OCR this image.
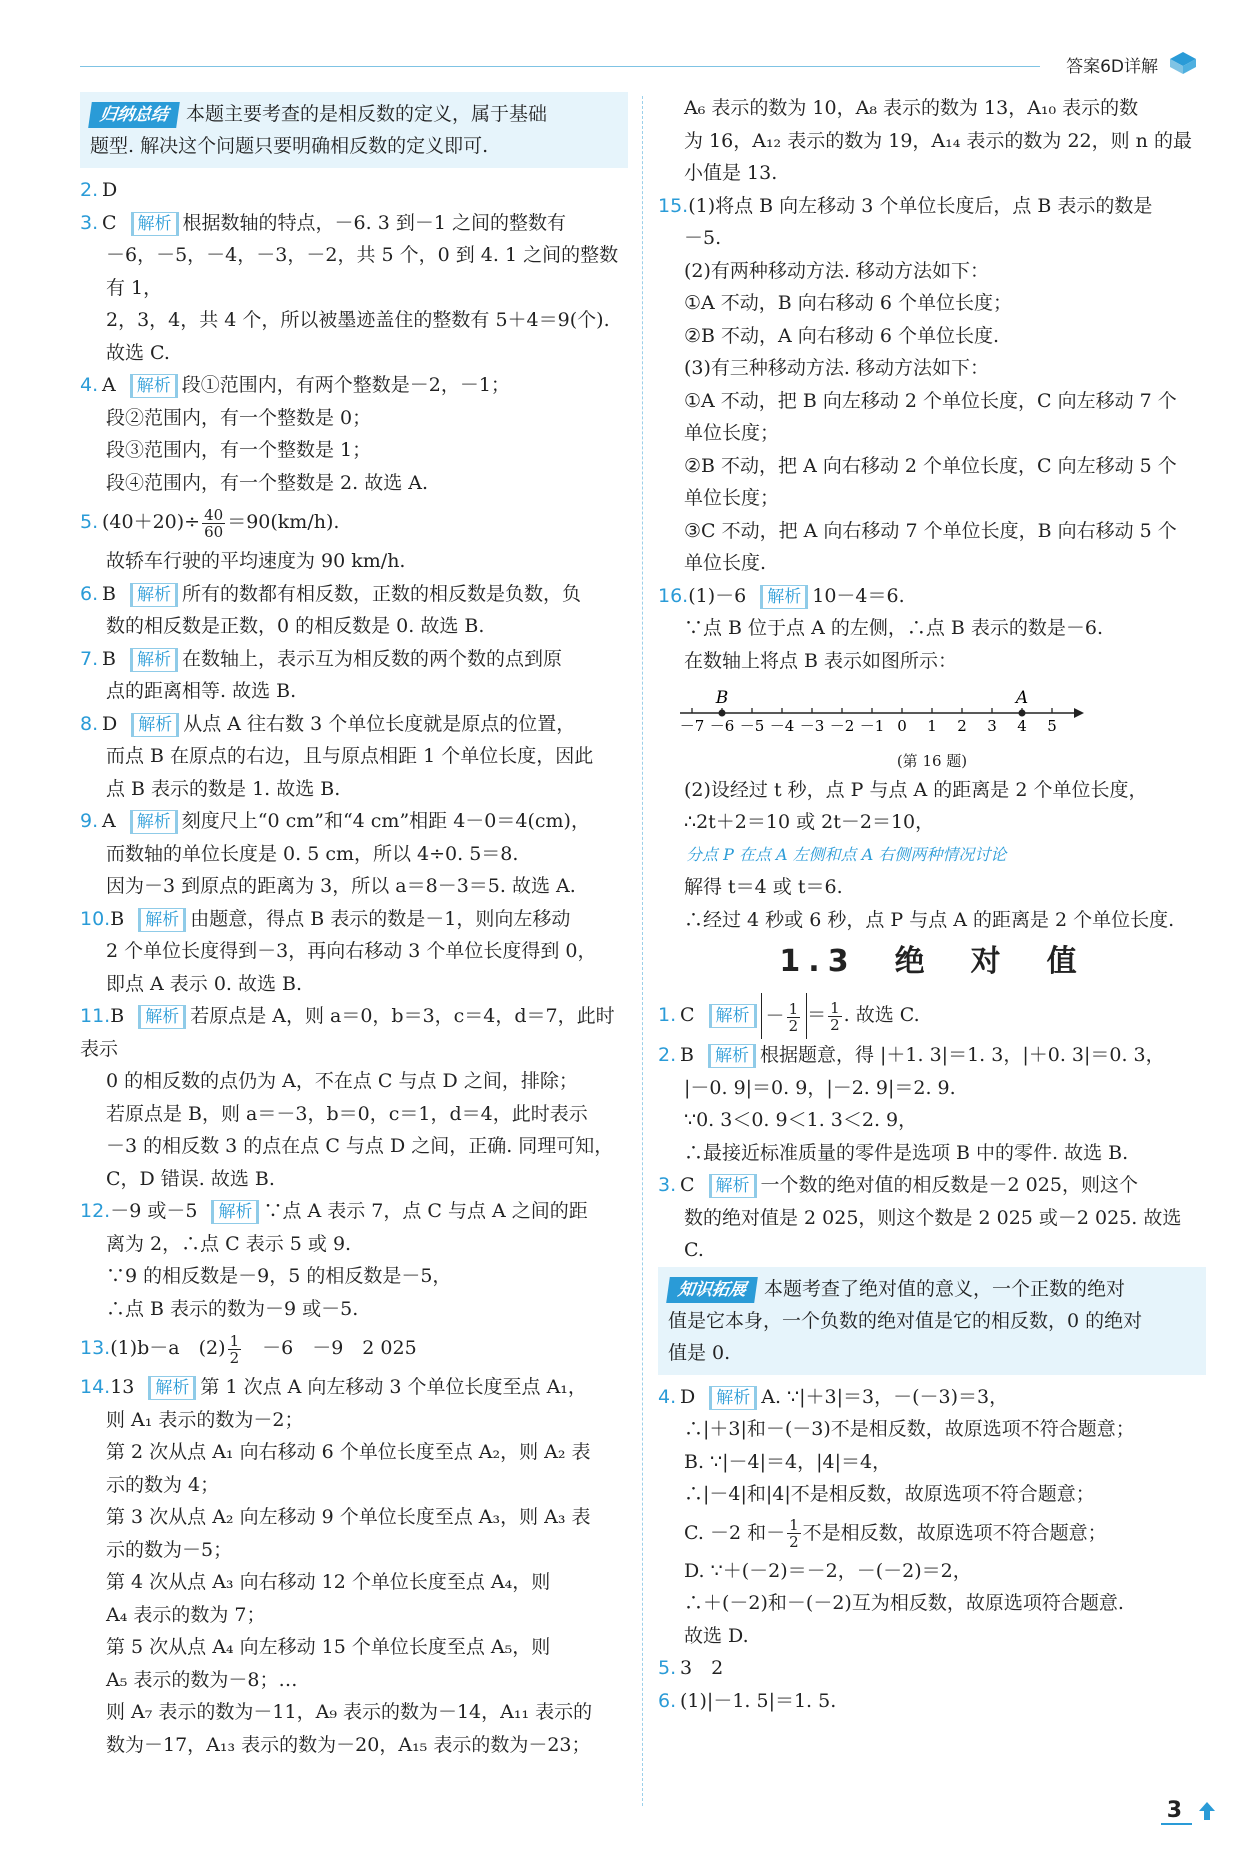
答案6D详解
归纳总结 本题主要考查的是相反数的定义，属于基础
题型. 解决这个问题只要明确相反数的定义即可.

2. D

3. C 解析 根据数轴的特点，－6. 3 到－1 之间的整数有

－6，－5，－4，－3，－2，共 5 个，0 到 4. 1 之间的整数有 1，

2，3，4，共 4 个，所以被墨迹盖住的整数有 5＋4＝9(个).

故选 C.

4. A 解析 段①范围内，有两个整数是－2，－1；

段②范围内，有一个整数是 0；

段③范围内，有一个整数是 1；

段④范围内，有一个整数是 2. 故选 A.

5. $(40+20)\div \frac{40}{60} =90(km/h)$.

故轿车行驶的平均速度为 90 km/h.

6. B 解析 所有的数都有相反数，正数的相反数是负数，负

数的相反数是正数，0 的相反数是 0. 故选 B.

7. B 解析 在数轴上，表示互为相反数的两个数的点到原

点的距离相等. 故选 B.

8. D 解析 从点 A 往右数 3 个单位长度就是原点的位置，

而点 B 在原点的右边，且与原点相距 1 个单位长度，因此

点 B 表示的数是 1. 故选 B.

9. A 解析 刻度尺上“0 cm”和“4 cm”相距 4－0＝4(cm)，

而数轴的单位长度是 0. 5 cm，所以 4÷0. 5＝8.

因为－3 到原点的距离为 3，所以 a＝8－3＝5. 故选 A.

10.B 解析 由题意，得点 B 表示的数是－1，则向左移动

2 个单位长度得到－3，再向右移动 3 个单位长度得到 0，

即点 A 表示 0. 故选 B.

11.B 解析 若原点是 A，则 a＝0，b＝3，c＝4，d＝7，此时表示

0 的相反数的点仍为 A，不在点 C 与点 D 之间，排除；

若原点是 B，则 a＝－3，b＝0，c＝1，d＝4，此时表示

－3 的相反数 3 的点在点 C 与点 D 之间，正确. 同理可知，

C，D 错误. 故选 B.

12.－9 或－5 解析 ∵点 A 表示 7，点 C 与点 A 之间的距

离为 2，∴点 C 表示 5 或 9.

∵9 的相反数是－9，5 的相反数是－5，

∴点 B 表示的数为－9 或－5.

13.(1)b－a　 $(2) \frac{1}{2}$
　 －6　－9　2 025

14.13 解析 第 1 次点 A 向左移动 3 个单位长度至点 A₁，

则 A₁ 表示的数为－2；

第 2 次从点 A₁ 向右移动 6 个单位长度至点 A₂，则 A₂ 表

示的数为 4；

第 3 次从点 A₂ 向左移动 9 个单位长度至点 A₃，则 A₃ 表

示的数为－5；

第 4 次从点 A₃ 向右移动 12 个单位长度至点 A₄，则

A₄ 表示的数为 7；

第 5 次从点 A₄ 向左移动 15 个单位长度至点 A₅，则

A₅ 表示的数为－8；…

则 A₇ 表示的数为－11，A₉ 表示的数为－14，A₁₁ 表示的

数为－17，A₁₃ 表示的数为－20，A₁₅ 表示的数为－23；

A₆ 表示的数为 10，A₈ 表示的数为 13，A₁₀ 表示的数

为 16，A₁₂ 表示的数为 19，A₁₄ 表示的数为 22，则 n 的最

小值是 13.

15.(1)将点 B 向左移动 3 个单位长度后，点 B 表示的数是

－5.

(2)有两种移动方法. 移动方法如下：

①A 不动，B 向右移动 6 个单位长度；

②B 不动，A 向右移动 6 个单位长度.

(3)有三种移动方法. 移动方法如下：

①A 不动，把 B 向左移动 2 个单位长度，C 向左移动 7 个

单位长度；

②B 不动，把 A 向右移动 2 个单位长度，C 向左移动 5 个

单位长度；

③C 不动，把 A 向右移动 7 个单位长度，B 向右移动 5 个

单位长度.

16.(1)－6 解析 10－4＝6.

∵点 B 位于点 A 的左侧，∴点 B 表示的数是－6.

在数轴上将点 B 表示如图所示：

－7 －6 －5 －4 －3 －2 －1 0 1 2 3 4 5
B	A
(第 16 题)

(2)设经过 t 秒，点 P 与点 A 的距离是 2 个单位长度，

∴2t＋2＝10 或 2t－2＝10，

分点 P 在点 A 左侧和点 A 右侧两种情况讨论

解得 t＝4 或 t＝6.

∴经过 4 秒或 6 秒，点 P 与点 A 的距离是 2 个单位长度.

1.3　绝　对　值

1. C 解析 － $\frac{1}{2} = \frac{1}{2}$ . 故选 C.

2. B 解析 根据题意，得 |＋1. 3|＝1. 3，|＋0. 3|＝0. 3，

|－0. 9|＝0. 9，|－2. 9|＝2. 9.

∵0. 3＜0. 9＜1. 3＜2. 9，

∴最接近标准质量的零件是选项 B 中的零件. 故选 B.

3. C 解析 一个数的绝对值的相反数是－2 025，则这个

数的绝对值是 2 025，则这个数是 2 025 或－2 025. 故选 C.

知识拓展 本题考查了绝对值的意义，一个正数的绝对
值是它本身，一个负数的绝对值是它的相反数，0 的绝对
值是 0.

4. D 解析 A. ∵|＋3|＝3，－(－3)＝3，

∴|＋3|和－(－3)不是相反数，故原选项不符合题意；

B. ∵|－4|＝4，|4|＝4，

∴|－4|和|4|不是相反数，故原选项不符合题意；

C. －2 和－ $\frac{1}{2}$ 不是相反数，故原选项不符合题意；

D. ∵＋(－2)＝－2，－(－2)＝2，

∴＋(－2)和－(－2)互为相反数，故原选项符合题意.

故选 D.

5. 3　2

6. (1)|－1. 5|＝1. 5.

3
